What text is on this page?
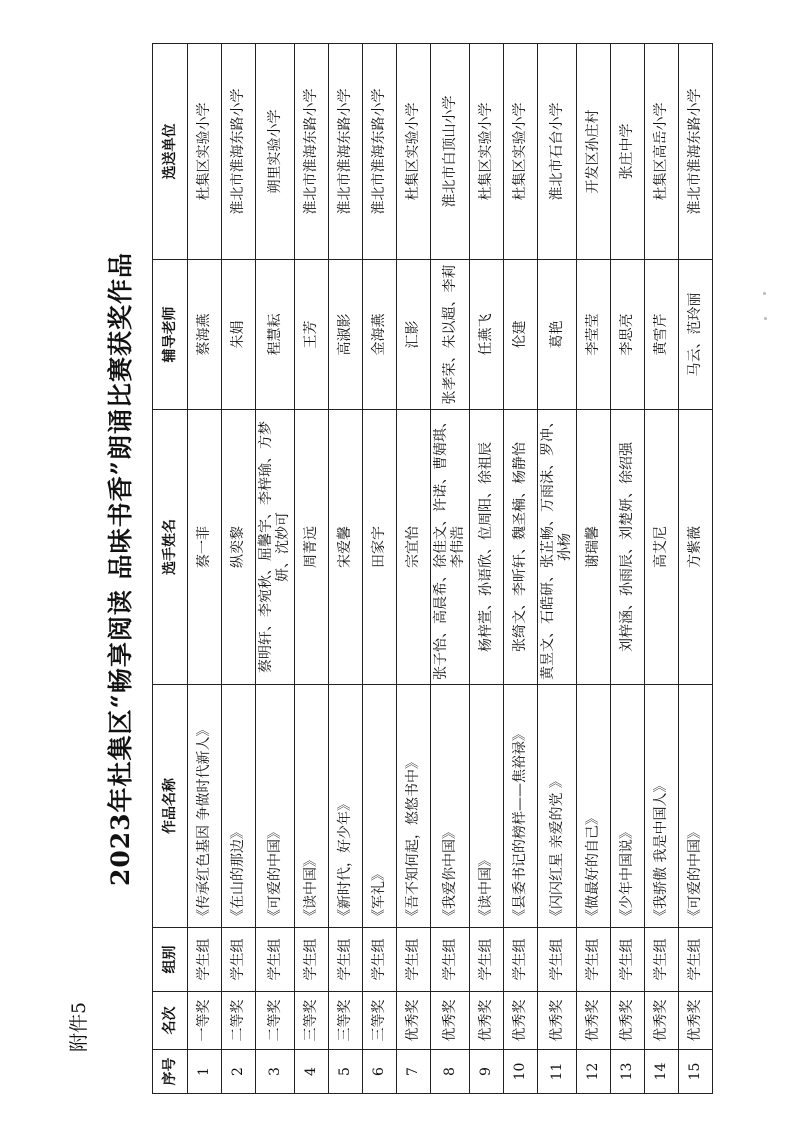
附件5
2023年杜集区“畅享阅读 品味书香”朗诵比赛获奖作品
序号	名次	组别	作品名称	选手姓名	辅导老师	选送单位
1	一等奖	学生组	《传承红色基因 争做时代新人》	蔡一菲	蔡海燕	杜集区实验小学
2	二等奖	学生组	《在山的那边》	纵奕黎	朱娟	淮北市淮海东路小学
3	二等奖	学生组	《可爱的中国》	蔡明轩、李宛秋、屈馨宇、李梓瑜、方梦妍、沈妙可	程慧耘	朔里实验小学
4	三等奖	学生组	《读中国》	周菁远	王芳	淮北市淮海东路小学
5	三等奖	学生组	《新时代，好少年》	宋爱馨	高淑影	淮北市淮海东路小学
6	三等奖	学生组	《军礼》	田家宇	金海燕	淮北市淮海东路小学
7	优秀奖	学生组	《吾不知何起，悠悠书中》	宗宜怡	汇影	杜集区实验小学
8	优秀奖	学生组	《我爱你中国》	张子怡、高晨希、徐佳文、许诺、曹婧琪、李伟浩	张孝荣、朱以超、李莉	淮北市白顶山小学
9	优秀奖	学生组	《读中国》	杨梓萱、孙语欣、位周阳、徐祖辰	任燕飞	杜集区实验小学
10	优秀奖	学生组	《县委书记的榜样——焦裕禄》	张绮文、李昕轩、魏圣楠、杨静怡	伦建	杜集区实验小学
11	优秀奖	学生组	《闪闪红星 亲爱的党 》	黄昱文、石皓研、张芷畅、万雨沫、罗冲、孙杨	葛艳	淮北市石台小学
12	优秀奖	学生组	《做最好的自己》	谢瑞馨	李莹莹	开发区孙庄村
13	优秀奖	学生组	《少年中国说》	刘梓涵、孙雨辰、刘楚妍、徐绍强	李思亮	张庄中学
14	优秀奖	学生组	《我骄傲 我是中国人》	高艾尼	黄雪芹	杜集区高岳小学
15	优秀奖	学生组	《可爱的中国》	方紫薇	马云、范玲丽	淮北市淮海东路小学
